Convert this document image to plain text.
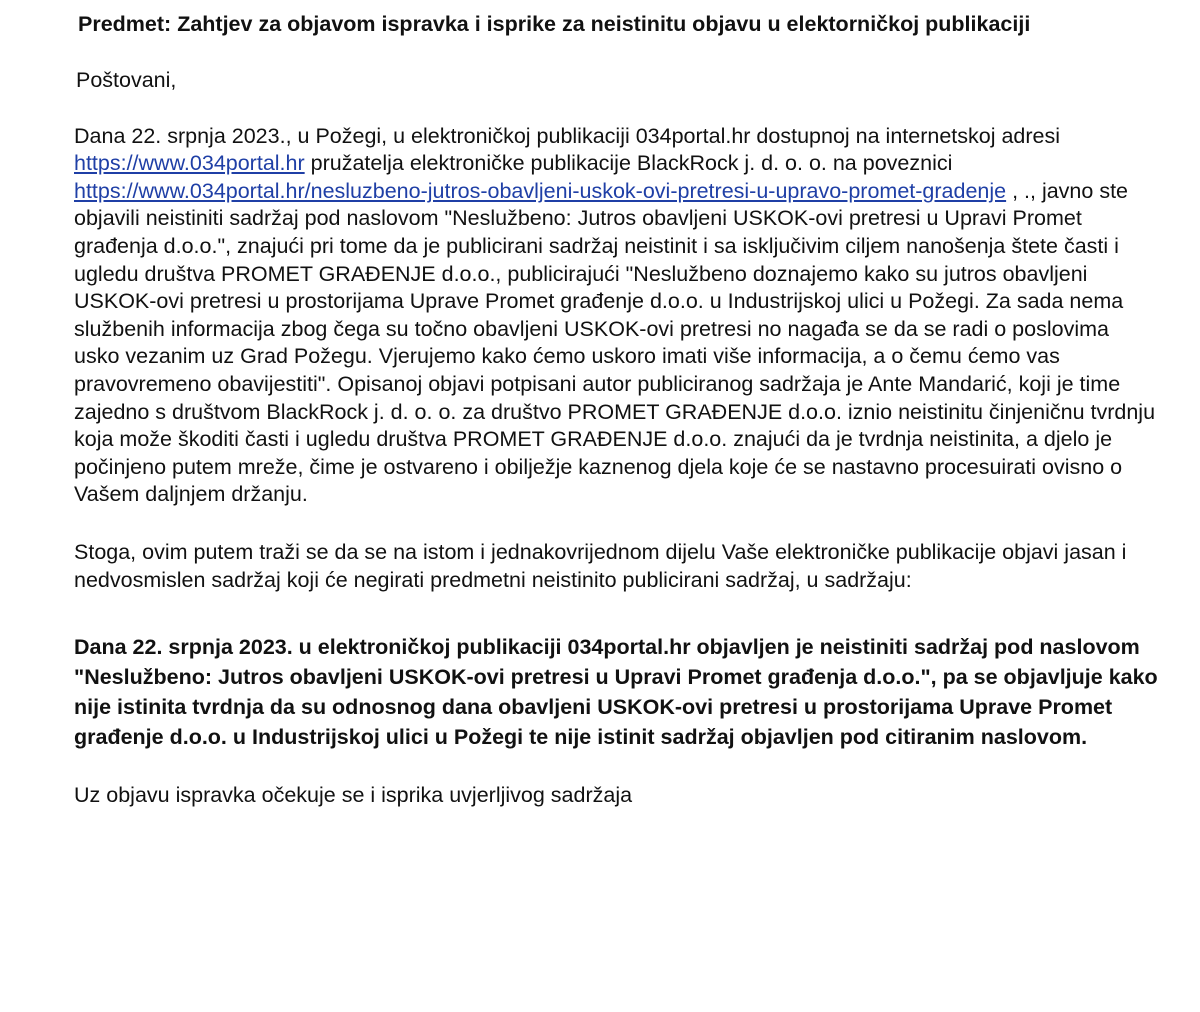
Predmet: Zahtjev za objavom ispravka i isprike za neistinitu objavu u elektorničkoj publikaciji

Poštovani,

Dana 22. srpnja 2023., u Požegi, u elektroničkoj publikaciji 034portal.hr dostupnoj na internetskoj adresi https://www.034portal.hr pružatelja elektroničke publikacije BlackRock j. d. o. o. na poveznici https://www.034portal.hr/nesluzbeno-jutros-obavljeni-uskok-ovi-pretresi-u-upravo-promet-gradenje , ., javno ste objavili neistiniti sadržaj pod naslovom "Neslužbeno: Jutros obavljeni USKOK-ovi pretresi u Upravi Promet građenja d.o.o.", znajući pri tome da je publicirani sadržaj neistinit i sa isključivim ciljem nanošenja štete časti i ugledu društva PROMET GRAĐENJE d.o.o., publicirajući "Neslužbeno doznajemo kako su jutros obavljeni USKOK-ovi pretresi u prostorijama Uprave Promet građenje d.o.o. u Industrijskoj ulici u Požegi. Za sada nema službenih informacija zbog čega su točno obavljeni USKOK-ovi pretresi no nagađa se da se radi o poslovima usko vezanim uz Grad Požegu. Vjerujemo kako ćemo uskoro imati više informacija, a o čemu ćemo vas pravovremeno obavijestiti". Opisanoj objavi potpisani autor publiciranog sadržaja je Ante Mandarić, koji je time zajedno s društvom BlackRock j. d. o. o. za društvo PROMET GRAĐENJE d.o.o. iznio neistinitu činjeničnu tvrdnju koja može škoditi časti i ugledu društva PROMET GRAĐENJE d.o.o. znajući da je tvrdnja neistinita, a djelo je počinjeno putem mreže, čime je ostvareno i obilježje kaznenog djela koje će se nastavno procesuirati ovisno o Vašem daljnjem držanju.

Stoga, ovim putem traži se da se na istom i jednakovrijednom dijelu Vaše elektroničke publikacije objavi jasan i nedvosmislen sadržaj koji će negirati predmetni neistinito publicirani sadržaj, u sadržaju:

Dana 22. srpnja 2023. u elektroničkoj publikaciji 034portal.hr objavljen je neistiniti sadržaj pod naslovom "Neslužbeno: Jutros obavljeni USKOK-ovi pretresi u Upravi Promet građenja d.o.o.", pa se objavljuje kako nije istinita tvrdnja da su odnosnog dana obavljeni USKOK-ovi pretresi u prostorijama Uprave Promet građenje d.o.o. u Industrijskoj ulici u Požegi te nije istinit sadržaj objavljen pod citiranim naslovom.

Uz objavu ispravka očekuje se i isprika uvjerljivog sadržaja
